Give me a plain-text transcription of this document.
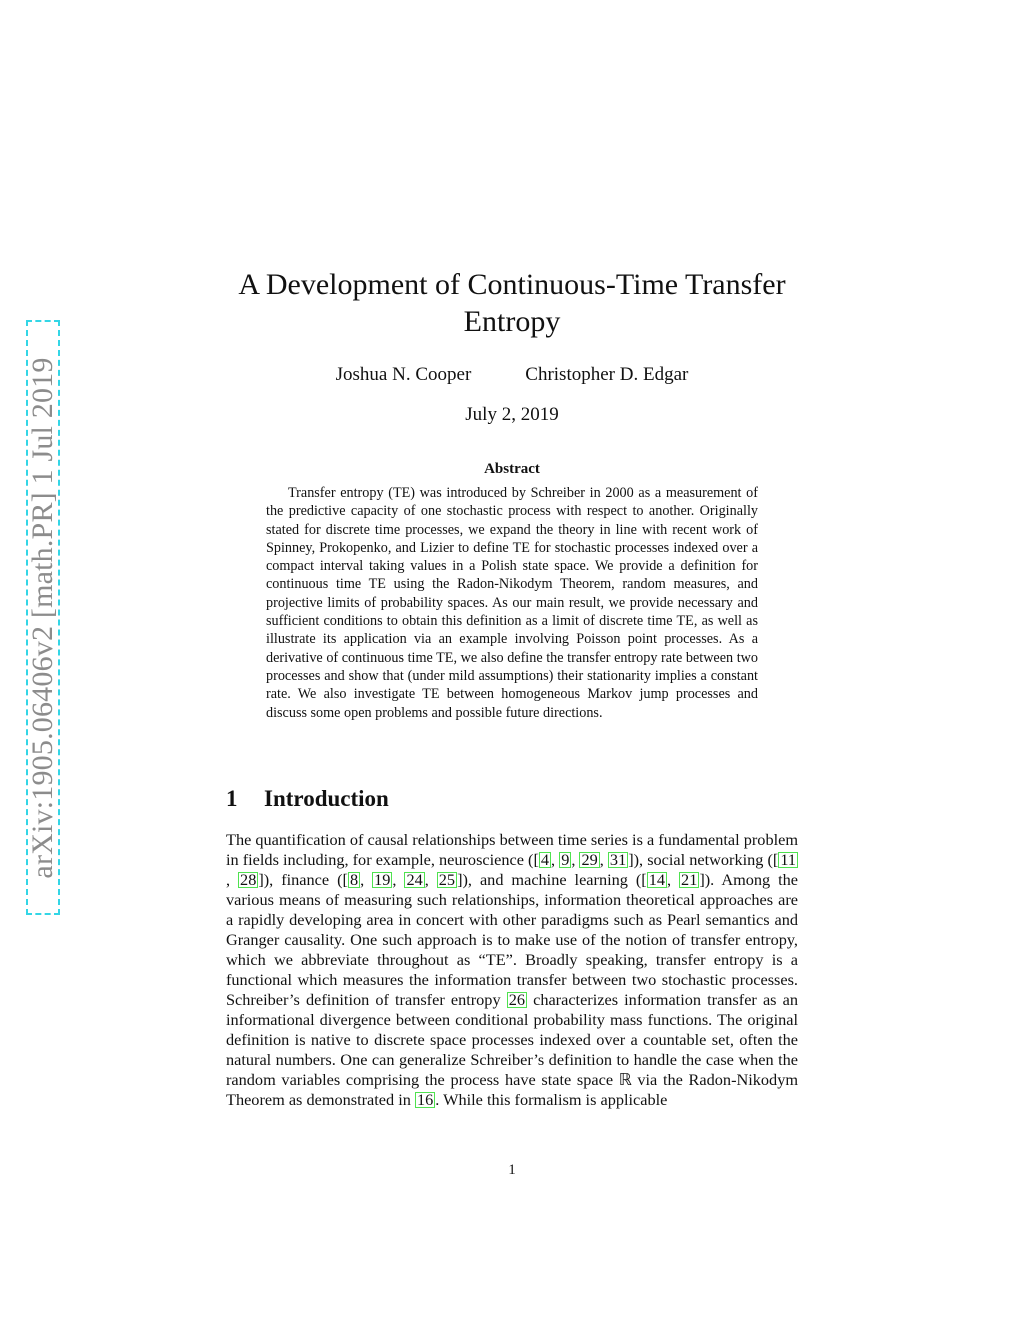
arXiv:1905.06406v2 [math.PR] 1 Jul 2019
A Development of Continuous-Time Transfer
Entropy
Joshua N. Cooper	Christopher D. Edgar
July 2, 2019
Abstract

Transfer entropy (TE) was introduced by Schreiber in 2000 as a measurement of the predictive capacity of one stochastic process with respect to another. Originally stated for discrete time processes, we expand the theory in line with recent work of Spinney, Prokopenko, and Lizier to define TE for stochastic processes indexed over a compact interval taking values in a Polish state space. We provide a definition for continuous time TE using the Radon-Nikodym Theorem, random measures, and projective limits of probability spaces. As our main result, we provide necessary and sufficient conditions to obtain this definition as a limit of discrete time TE, as well as illustrate its application via an example involving Poisson point processes. As a derivative of continuous time TE, we also define the transfer entropy rate between two processes and show that (under mild assumptions) their stationarity implies a constant rate. We also investigate TE between homogeneous Markov jump processes and discuss some open problems and possible future directions.

1 Introduction

The quantification of causal relationships between time series is a fundamental problem in fields including, for example, neuroscience ([ 4 , 9 , 29 , 31 ]), social networking ([ 11, 28 ]), finance ([ 8 , 19 , 24 , 25 ]), and machine learning ([ 14 , 21 ]). Among the various means of measuring such relationships, information theoretical approaches are a rapidly developing area in concert with other paradigms such as Pearl semantics and Granger causality. One such approach is to make use of the notion of transfer entropy, which we abbreviate throughout as “TE”. Broadly speaking, transfer entropy is a functional which measures the information transfer between two stochastic processes. Schreiber’s definition of transfer entropy 26 characterizes information transfer as an informational divergence between conditional probability mass functions. The original definition is native to discrete space processes indexed over a countable set, often the natural numbers. One can generalize Schreiber’s definition to handle the case when the random variables comprising the process have state space ℝ via the Radon-Nikodym Theorem as demonstrated in 16 . While this formalism is applicable

1
